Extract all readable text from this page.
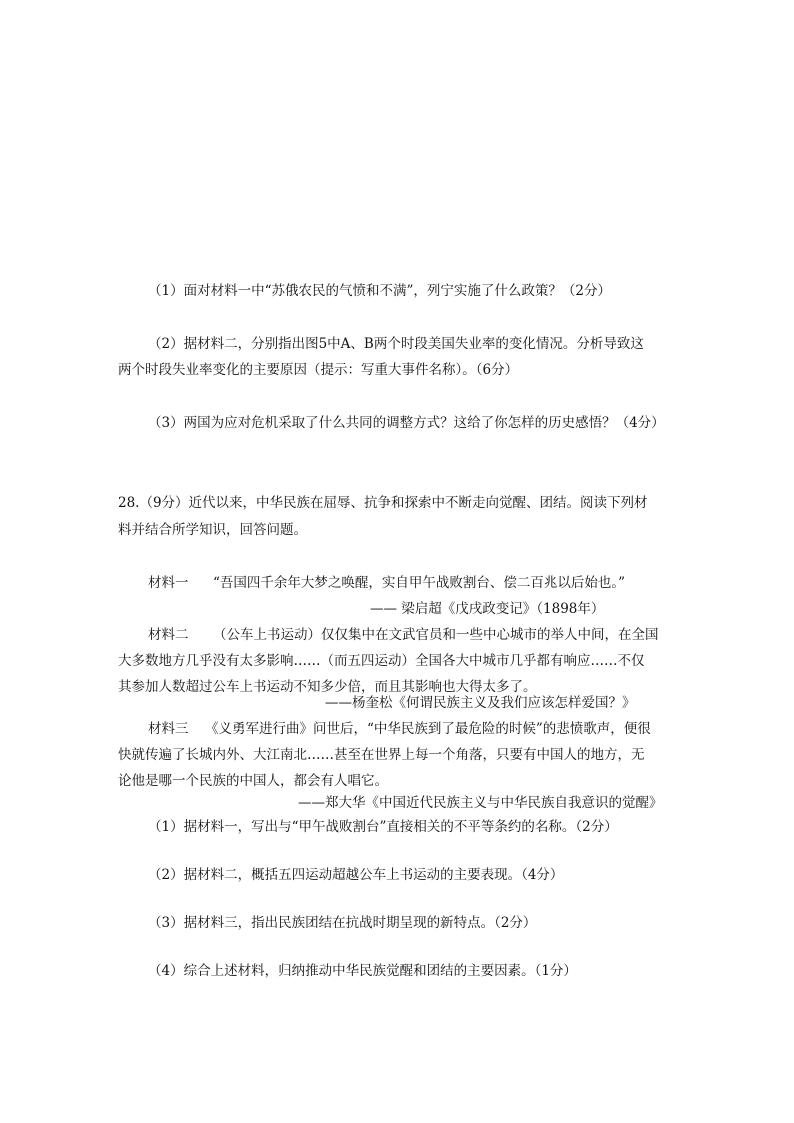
（1）面对材料一中“苏俄农民的气愤和不满”，列宁实施了什么政策？（2分）
（2）据材料二，分别指出图5中A、B两个时段美国失业率的变化情况。分析导致这
两个时段失业率变化的主要原因（提示：写重大事件名称）。（6分）
（3）两国为应对危机采取了什么共同的调整方式？这给了你怎样的历史感悟？（4分）
28.（9分）近代以来，中华民族在屈辱、抗争和探索中不断走向觉醒、团结。阅读下列材
料并结合所学知识，回答问题。
材料一 “吾国四千余年大梦之唤醒，实自甲午战败割台、偿二百兆以后始也。”
—— 梁启超《戊戌政变记》（1898年）
材料二 （公车上书运动）仅仅集中在文武官员和一些中心城市的举人中间，在全国
大多数地方几乎没有太多影响……（而五四运动）全国各大中城市几乎都有响应……不仅
其参加人数超过公车上书运动不知多少倍，而且其影响也大得太多了。
——杨奎松《何谓民族主义及我们应该怎样爱国？》
材料三 《义勇军进行曲》问世后，“中华民族到了最危险的时候”的悲愤歌声，便很
快就传遍了长城内外、大江南北……甚至在世界上每一个角落，只要有中国人的地方，无
论他是哪一个民族的中国人，都会有人唱它。
——郑大华《中国近代民族主义与中华民族自我意识的觉醒》
（1）据材料一，写出与“甲午战败割台”直接相关的不平等条约的名称。（2分）
（2）据材料二，概括五四运动超越公车上书运动的主要表现。（4分）
（3）据材料三，指出民族团结在抗战时期呈现的新特点。（2分）
（4）综合上述材料，归纳推动中华民族觉醒和团结的主要因素。（1分）
